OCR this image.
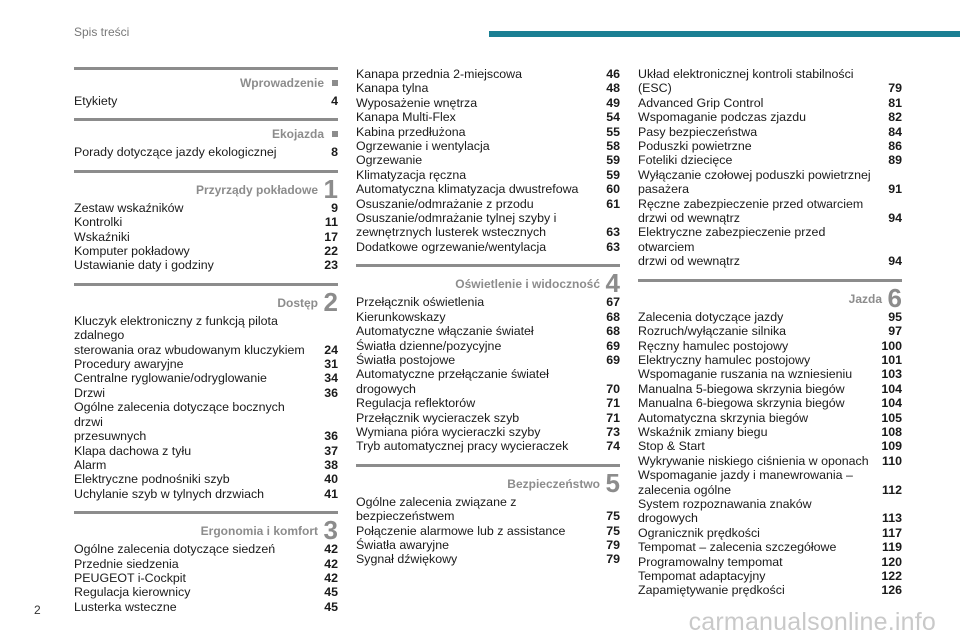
Spis treści
Wprowadzenie
Etykiety	4
Ekojazda
Porady dotyczące jazdy ekologicznej	8
Przyrządy pokładowe 1
Zestaw wskaźników	9
Kontrolki	11
Wskaźniki	17
Komputer pokładowy	22
Ustawianie daty i godziny	23
Dostęp 2
Kluczyk elektroniczny z funkcją pilota zdalnego
sterowania oraz wbudowanym kluczykiem	24
Procedury awaryjne	31
Centralne ryglowanie/odryglowanie	34
Drzwi	36
Ogólne zalecenia dotyczące bocznych drzwi
przesuwnych	36
Klapa dachowa z tyłu	37
Alarm	38
Elektryczne podnośniki szyb	40
Uchylanie szyb w tylnych drzwiach	41
Ergonomia i komfort 3
Ogólne zalecenia dotyczące siedzeń	42
Przednie siedzenia	42
PEUGEOT i-Cockpit	42
Regulacja kierownicy	45
Lusterka wsteczne	45
Kanapa przednia 2-miejscowa	46
Kanapa tylna	48
Wyposażenie wnętrza	49
Kanapa Multi-Flex	54
Kabina przedłużona	55
Ogrzewanie i wentylacja	58
Ogrzewanie	59
Klimatyzacja ręczna	59
Automatyczna klimatyzacja dwustrefowa	60
Osuszanie/odmrażanie z przodu	61
Osuszanie/odmrażanie tylnej szyby i
zewnętrznych lusterek wstecznych	63
Dodatkowe ogrzewanie/wentylacja	63
Oświetlenie i widoczność 4
Przełącznik oświetlenia	67
Kierunkowskazy	68
Automatyczne włączanie świateł	68
Światła dzienne/pozycyjne	69
Światła postojowe	69
Automatyczne przełączanie świateł
drogowych	70
Regulacja reflektorów	71
Przełącznik wycieraczek szyb	71
Wymiana pióra wycieraczki szyby	73
Tryb automatycznej pracy wycieraczek	74
Bezpieczeństwo 5
Ogólne zalecenia związane z
bezpieczeństwem	75
Połączenie alarmowe lub z assistance	75
Światła awaryjne	79
Sygnał dźwiękowy	79
Układ elektronicznej kontroli stabilności
(ESC)	79
Advanced Grip Control	81
Wspomaganie podczas zjazdu	82
Pasy bezpieczeństwa	84
Poduszki powietrzne	86
Foteliki dziecięce	89
Wyłączanie czołowej poduszki powietrznej
pasażera	91
Ręczne zabezpieczenie przed otwarciem
drzwi od wewnątrz	94
Elektryczne zabezpieczenie przed otwarciem
drzwi od wewnątrz	94
Jazda 6
Zalecenia dotyczące jazdy	95
Rozruch/wyłączanie silnika	97
Ręczny hamulec postojowy	100
Elektryczny hamulec postojowy	101
Wspomaganie ruszania na wzniesieniu	103
Manualna 5-biegowa skrzynia biegów	104
Manualna 6-biegowa skrzynia biegów	104
Automatyczna skrzynia biegów	105
Wskaźnik zmiany biegu	108
Stop & Start	109
Wykrywanie niskiego ciśnienia w oponach	110
Wspomaganie jazdy i manewrowania –
zalecenia ogólne	112
System rozpoznawania znaków
drogowych	113
Ogranicznik prędkości	117
Tempomat – zalecenia szczegółowe	119
Programowalny tempomat	120
Tempomat adaptacyjny	122
Zapamiętywanie prędkości	126
2	carmanualsonline.info
